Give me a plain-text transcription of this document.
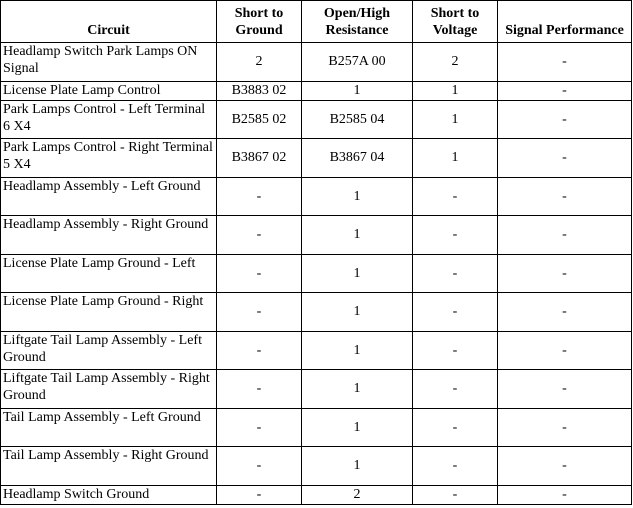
Circuit	Short to Ground	Open/High Resistance	Short to Voltage	Signal Performance
Headlamp Switch Park Lamps ON Signal	2	B257A 00	2	-
License Plate Lamp Control	B3883 02	1	1	-
Park Lamps Control - Left Terminal 6 X4	B2585 02	B2585 04	1	-
Park Lamps Control - Right Terminal 5 X4	B3867 02	B3867 04	1	-
Headlamp Assembly - Left Ground	-	1	-	-
Headlamp Assembly - Right Ground	-	1	-	-
License Plate Lamp Ground - Left	-	1	-	-
License Plate Lamp Ground - Right	-	1	-	-
Liftgate Tail Lamp Assembly - Left Ground	-	1	-	-
Liftgate Tail Lamp Assembly - Right Ground	-	1	-	-
Tail Lamp Assembly - Left Ground	-	1	-	-
Tail Lamp Assembly - Right Ground	-	1	-	-
Headlamp Switch Ground	-	2	-	-
